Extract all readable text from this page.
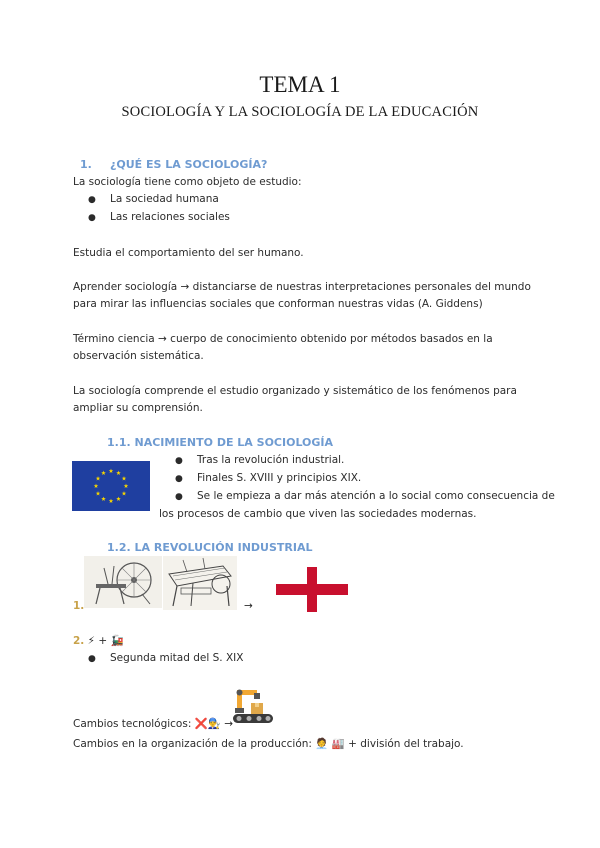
TEMA 1
SOCIOLOGÍA Y LA SOCIOLOGÍA DE LA EDUCACIÓN
1. ¿QUÉ ES LA SOCIOLOGÍA?
La sociología tiene como objeto de estudio:
● La sociedad humana
● Las relaciones sociales
Estudia el comportamiento del ser humano.
Aprender sociología → distanciarse de nuestras interpretaciones personales del mundo
para mirar las influencias sociales que conforman nuestras vidas (A. Giddens)
Término ciencia → cuerpo de conocimiento obtenido por métodos basados en la
observación sistemática.
La sociología comprende el estudio organizado y sistemático de los fenómenos para
ampliar su comprensión.
1.1. NACIMIENTO DE LA SOCIOLOGÍA
● Tras la revolución industrial.
● Finales S. XVIII y principios XIX.
● Se le empieza a dar más atención a lo social como consecuencia de
los procesos de cambio que viven las sociedades modernas.
1.2. LA REVOLUCIÓN INDUSTRIAL
1.	→
2. ⚡ + 🚂
● Segunda mitad del S. XIX
Cambios tecnológicos: ❌👨‍🔧 →
Cambios en la organización de la producción: 🧑‍💼 🏭 + división del trabajo.
